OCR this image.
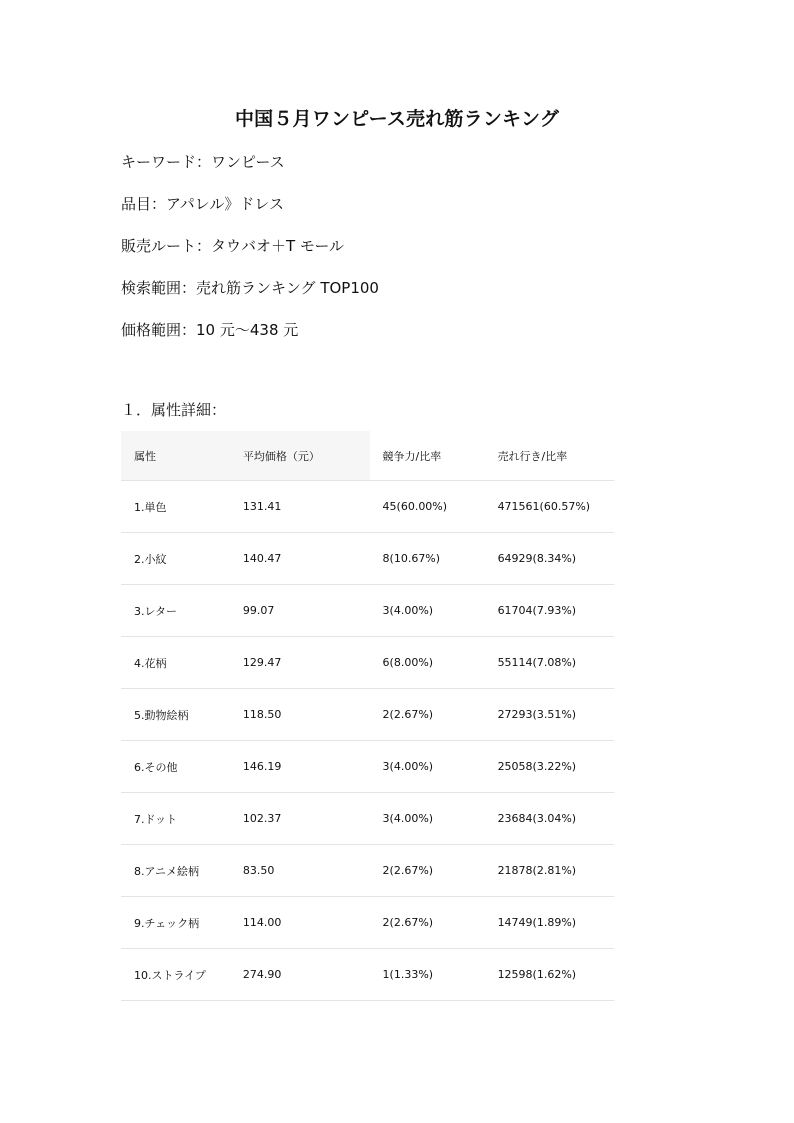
中国５月ワンピース売れ筋ランキング
キーワード：ワンピース
品目：アパレル》ドレス
販売ルート：タウバオ＋T モール
検索範囲：売れ筋ランキング TOP100
価格範囲：10 元～438 元
１．属性詳細：
属性	平均価格（元）	競争力/比率	売れ行き/比率
1.単色	131.41	45(60.00%)	471561(60.57%)
2.小紋	140.47	8(10.67%)	64929(8.34%)
3.レター	99.07	3(4.00%)	61704(7.93%)
4.花柄	129.47	6(8.00%)	55114(7.08%)
5.動物絵柄	118.50	2(2.67%)	27293(3.51%)
6.その他	146.19	3(4.00%)	25058(3.22%)
7.ドット	102.37	3(4.00%)	23684(3.04%)
8.アニメ絵柄	83.50	2(2.67%)	21878(2.81%)
9.チェック柄	114.00	2(2.67%)	14749(1.89%)
10.ストライプ	274.90	1(1.33%)	12598(1.62%)
